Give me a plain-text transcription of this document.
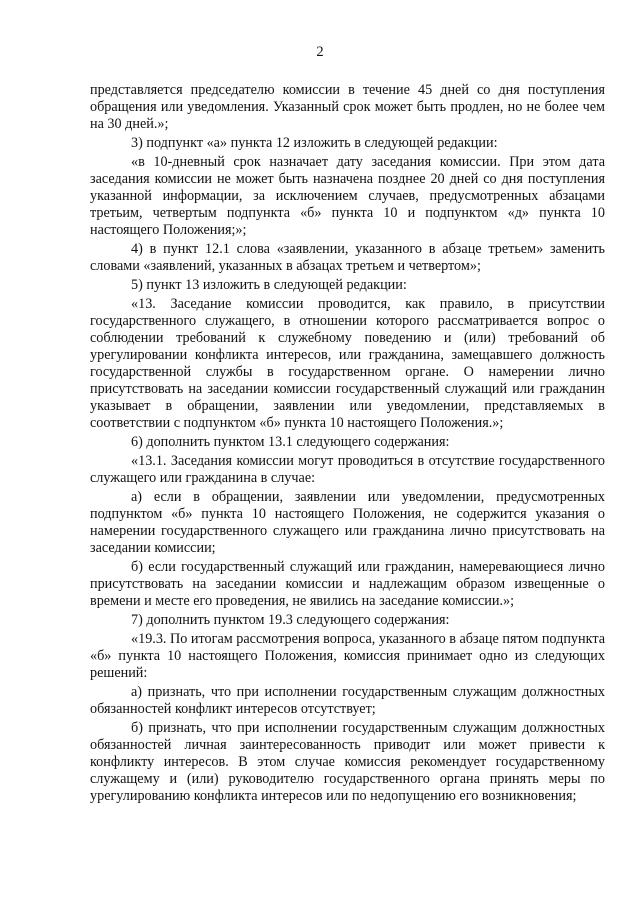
2

представляется председателю комиссии в течение 45 дней со дня поступления обращения или уведомления. Указанный срок может быть продлен, но не более чем на 30 дней.»;

3) подпункт «а» пункта 12 изложить в следующей редакции:

«в 10-дневный срок назначает дату заседания комиссии. При этом дата заседания комиссии не может быть назначена позднее 20 дней со дня поступления указанной информации, за исключением случаев, предусмотренных абзацами третьим, четвертым подпункта «б» пункта 10 и подпунктом «д» пункта 10 настоящего Положения;»;

4) в пункт 12.1 слова «заявлении, указанного в абзаце третьем» заменить словами «заявлений, указанных в абзацах третьем и четвертом»;

5) пункт 13 изложить в следующей редакции:

«13. Заседание комиссии проводится, как правило, в присутствии государственного служащего, в отношении которого рассматривается вопрос о соблюдении требований к служебному поведению и (или) требований об урегулировании конфликта интересов, или гражданина, замещавшего должность государственной службы в государственном органе. О намерении лично присутствовать на заседании комиссии государственный служащий или гражданин указывает в обращении, заявлении или уведомлении, представляемых в соответствии с подпунктом «б» пункта 10 настоящего Положения.»;

6) дополнить пунктом 13.1 следующего содержания:

«13.1. Заседания комиссии могут проводиться в отсутствие государственного служащего или гражданина в случае:

а) если в обращении, заявлении или уведомлении, предусмотренных подпунктом «б» пункта 10 настоящего Положения, не содержится указания о намерении государственного служащего или гражданина лично присутствовать на заседании комиссии;

б) если государственный служащий или гражданин, намеревающиеся лично присутствовать на заседании комиссии и надлежащим образом извещенные о времени и месте его проведения, не явились на заседание комиссии.»;

7) дополнить пунктом 19.3 следующего содержания:

«19.3. По итогам рассмотрения вопроса, указанного в абзаце пятом подпункта «б» пункта 10 настоящего Положения, комиссия принимает одно из следующих решений:

а) признать, что при исполнении государственным служащим должностных обязанностей конфликт интересов отсутствует;

б) признать, что при исполнении государственным служащим должностных обязанностей личная заинтересованность приводит или может привести к конфликту интересов. В этом случае комиссия рекомендует государственному служащему и (или) руководителю государственного органа принять меры по урегулированию конфликта интересов или по недопущению его возникновения;
